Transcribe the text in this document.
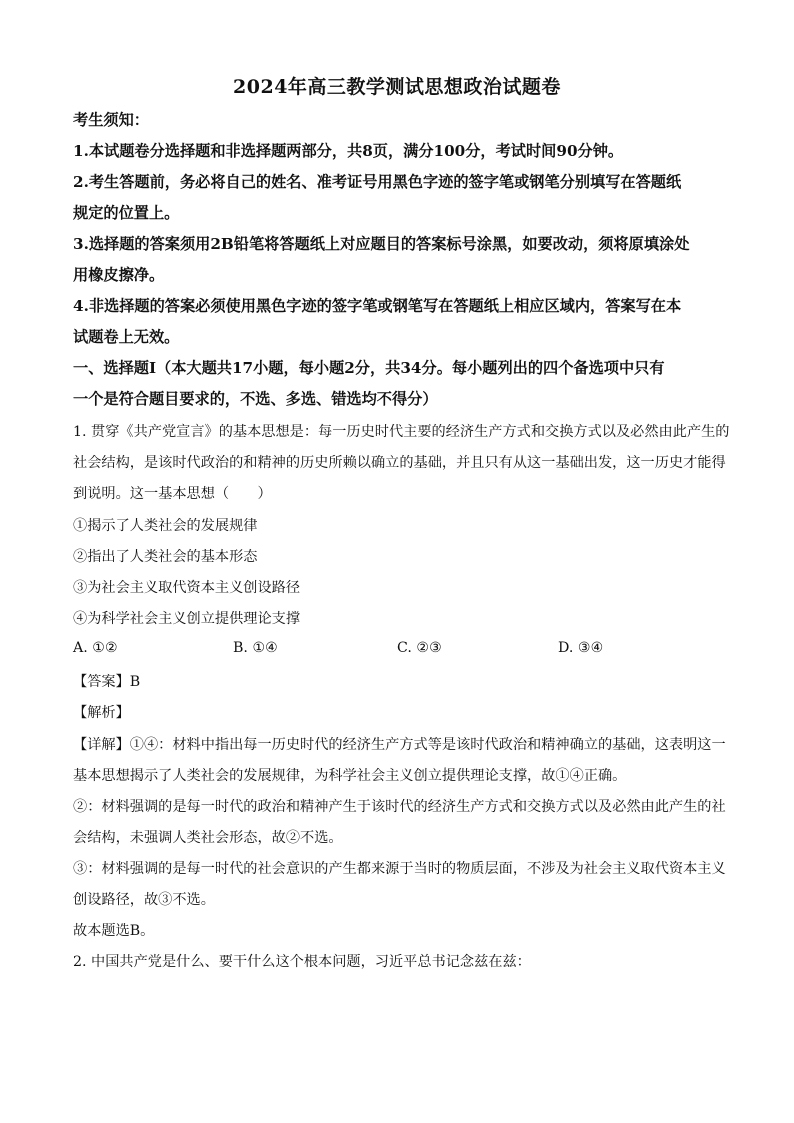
2024年高三教学测试思想政治试题卷
考生须知：
1.本试题卷分选择题和非选择题两部分，共8页，满分100分，考试时间90分钟。
2.考生答题前，务必将自己的姓名、准考证号用黑色字迹的签字笔或钢笔分别填写在答题纸
规定的位置上。
3.选择题的答案须用2B铅笔将答题纸上对应题目的答案标号涂黑，如要改动，须将原填涂处
用橡皮擦净。
4.非选择题的答案必须使用黑色字迹的签字笔或钢笔写在答题纸上相应区域内，答案写在本
试题卷上无效。
一、选择题Ⅰ（本大题共17小题，每小题2分，共34分。每小题列出的四个备选项中只有
一个是符合题目要求的，不选、多选、错选均不得分）
1. 贯穿《共产党宣言》的基本思想是：每一历史时代主要的经济生产方式和交换方式以及必然由此产生的
社会结构，是该时代政治的和精神的历史所赖以确立的基础，并且只有从这一基础出发，这一历史才能得
到说明。这一基本思想（　　）
①揭示了人类社会的发展规律
②指出了人类社会的基本形态
③为社会主义取代资本主义创设路径
④为科学社会主义创立提供理论支撑
A. ①②	B. ①④	C. ②③	D. ③④
【答案】B
【解析】
【详解】①④：材料中指出每一历史时代的经济生产方式等是该时代政治和精神确立的基础，这表明这一
基本思想揭示了人类社会的发展规律，为科学社会主义创立提供理论支撑，故①④正确。
②：材料强调的是每一时代的政治和精神产生于该时代的经济生产方式和交换方式以及必然由此产生的社
会结构，未强调人类社会形态，故②不选。
③：材料强调的是每一时代的社会意识的产生都来源于当时的物质层面，不涉及为社会主义取代资本主义
创设路径，故③不选。
故本题选B。
2. 中国共产党是什么、要干什么这个根本问题，习近平总书记念兹在兹：
